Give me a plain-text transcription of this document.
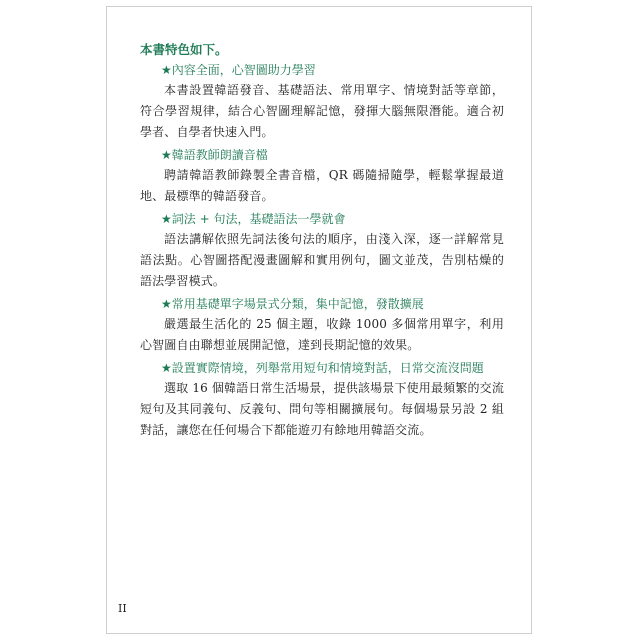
本書特色如下。
★內容全面，心智圖助力學習

本書設置韓語發音、基礎語法、常用單字、情境對話等章節，符合學習規律，結合心智圖理解記憶，發揮大腦無限潛能。適合初學者、自學者快速入門。

★韓語教師朗讀音檔

聘請韓語教師錄製全書音檔，QR 碼隨掃隨學，輕鬆掌握最道地、最標準的韓語發音。

★詞法 + 句法，基礎語法一學就會

語法講解依照先詞法後句法的順序，由淺入深，逐一詳解常見語法點。心智圖搭配漫畫圖解和實用例句，圖文並茂，告別枯燥的語法學習模式。

★常用基礎單字場景式分類，集中記憶，發散擴展

嚴選最生活化的 25 個主題，收錄 1000 多個常用單字，利用心智圖自由聯想並展開記憶，達到長期記憶的效果。

★設置實際情境，列舉常用短句和情境對話，日常交流沒問題

選取 16 個韓語日常生活場景，提供該場景下使用最頻繁的交流短句及其同義句、反義句、問句等相關擴展句。每個場景另設 2 組對話，讓您在任何場合下都能遊刃有餘地用韓語交流。

II
